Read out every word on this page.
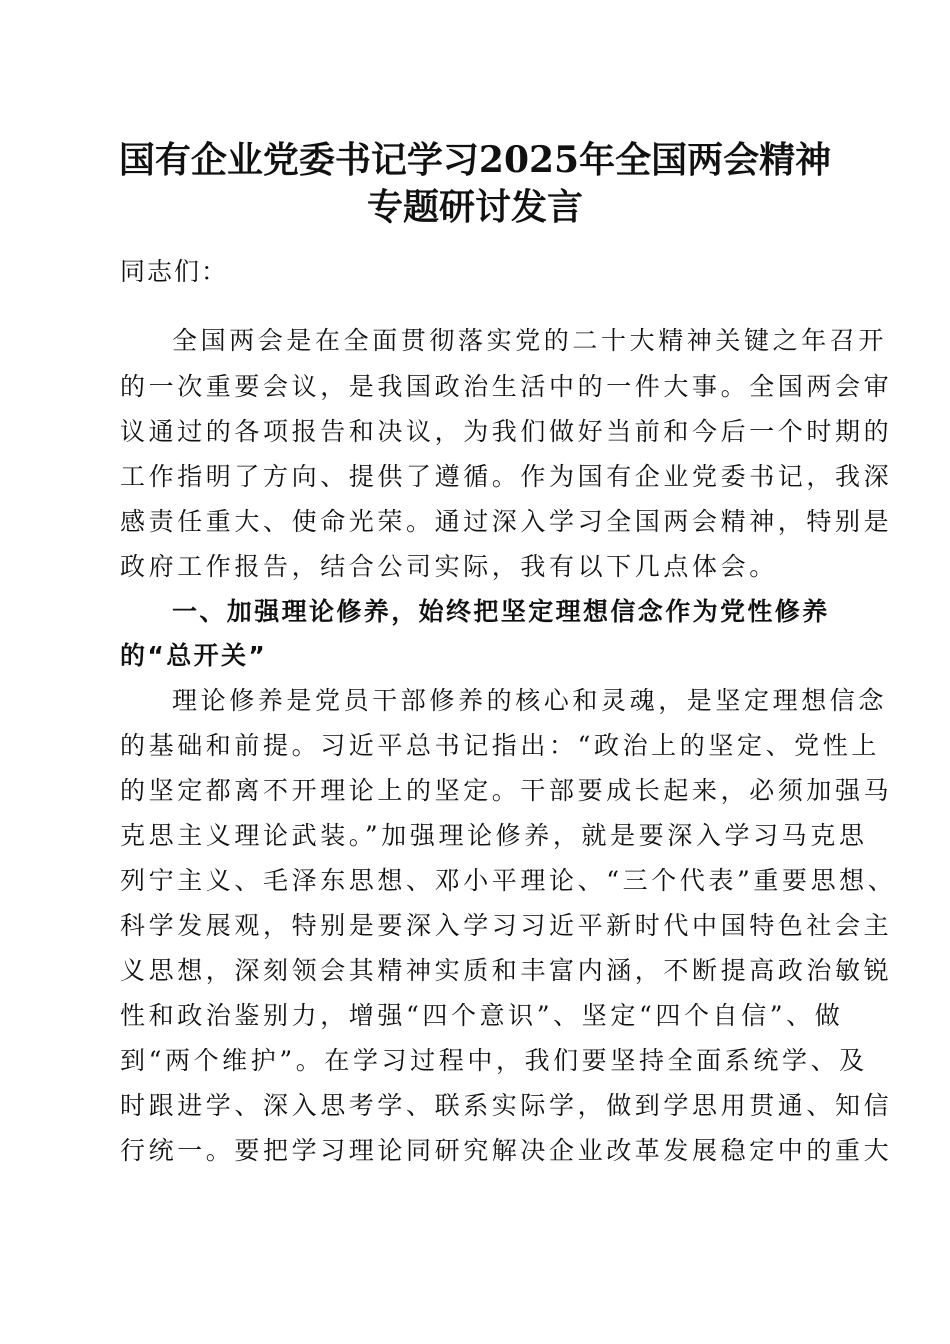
国有企业党委书记学习2025年全国两会精神
专题研讨发言

同志们：

全国两会是在全面贯彻落实党的二十大精神关键之年召开

的一次重要会议，是我国政治生活中的一件大事。全国两会审

议通过的各项报告和决议，为我们做好当前和今后一个时期的

工作指明了方向、提供了遵循。作为国有企业党委书记，我深

感责任重大、使命光荣。通过深入学习全国两会精神，特别是

政府工作报告，结合公司实际，我有以下几点体会。

一、加强理论修养，始终把坚定理想信念作为党性修养

的“总开关”

理论修养是党员干部修养的核心和灵魂，是坚定理想信念

的基础和前提。习近平总书记指出：“政治上的坚定、党性上

的坚定都离不开理论上的坚定。干部要成长起来，必须加强马

克思主义理论武装。”加强理论修养，就是要深入学习马克思

列宁主义、毛泽东思想、邓小平理论、“三个代表”重要思想、

科学发展观，特别是要深入学习习近平新时代中国特色社会主

义思想，深刻领会其精神实质和丰富内涵，不断提高政治敏锐

性和政治鉴别力，增强“四个意识”、坚定“四个自信”、做

到“两个维护”。在学习过程中，我们要坚持全面系统学、及

时跟进学、深入思考学、联系实际学，做到学思用贯通、知信

行统一。要把学习理论同研究解决企业改革发展稳定中的重大
